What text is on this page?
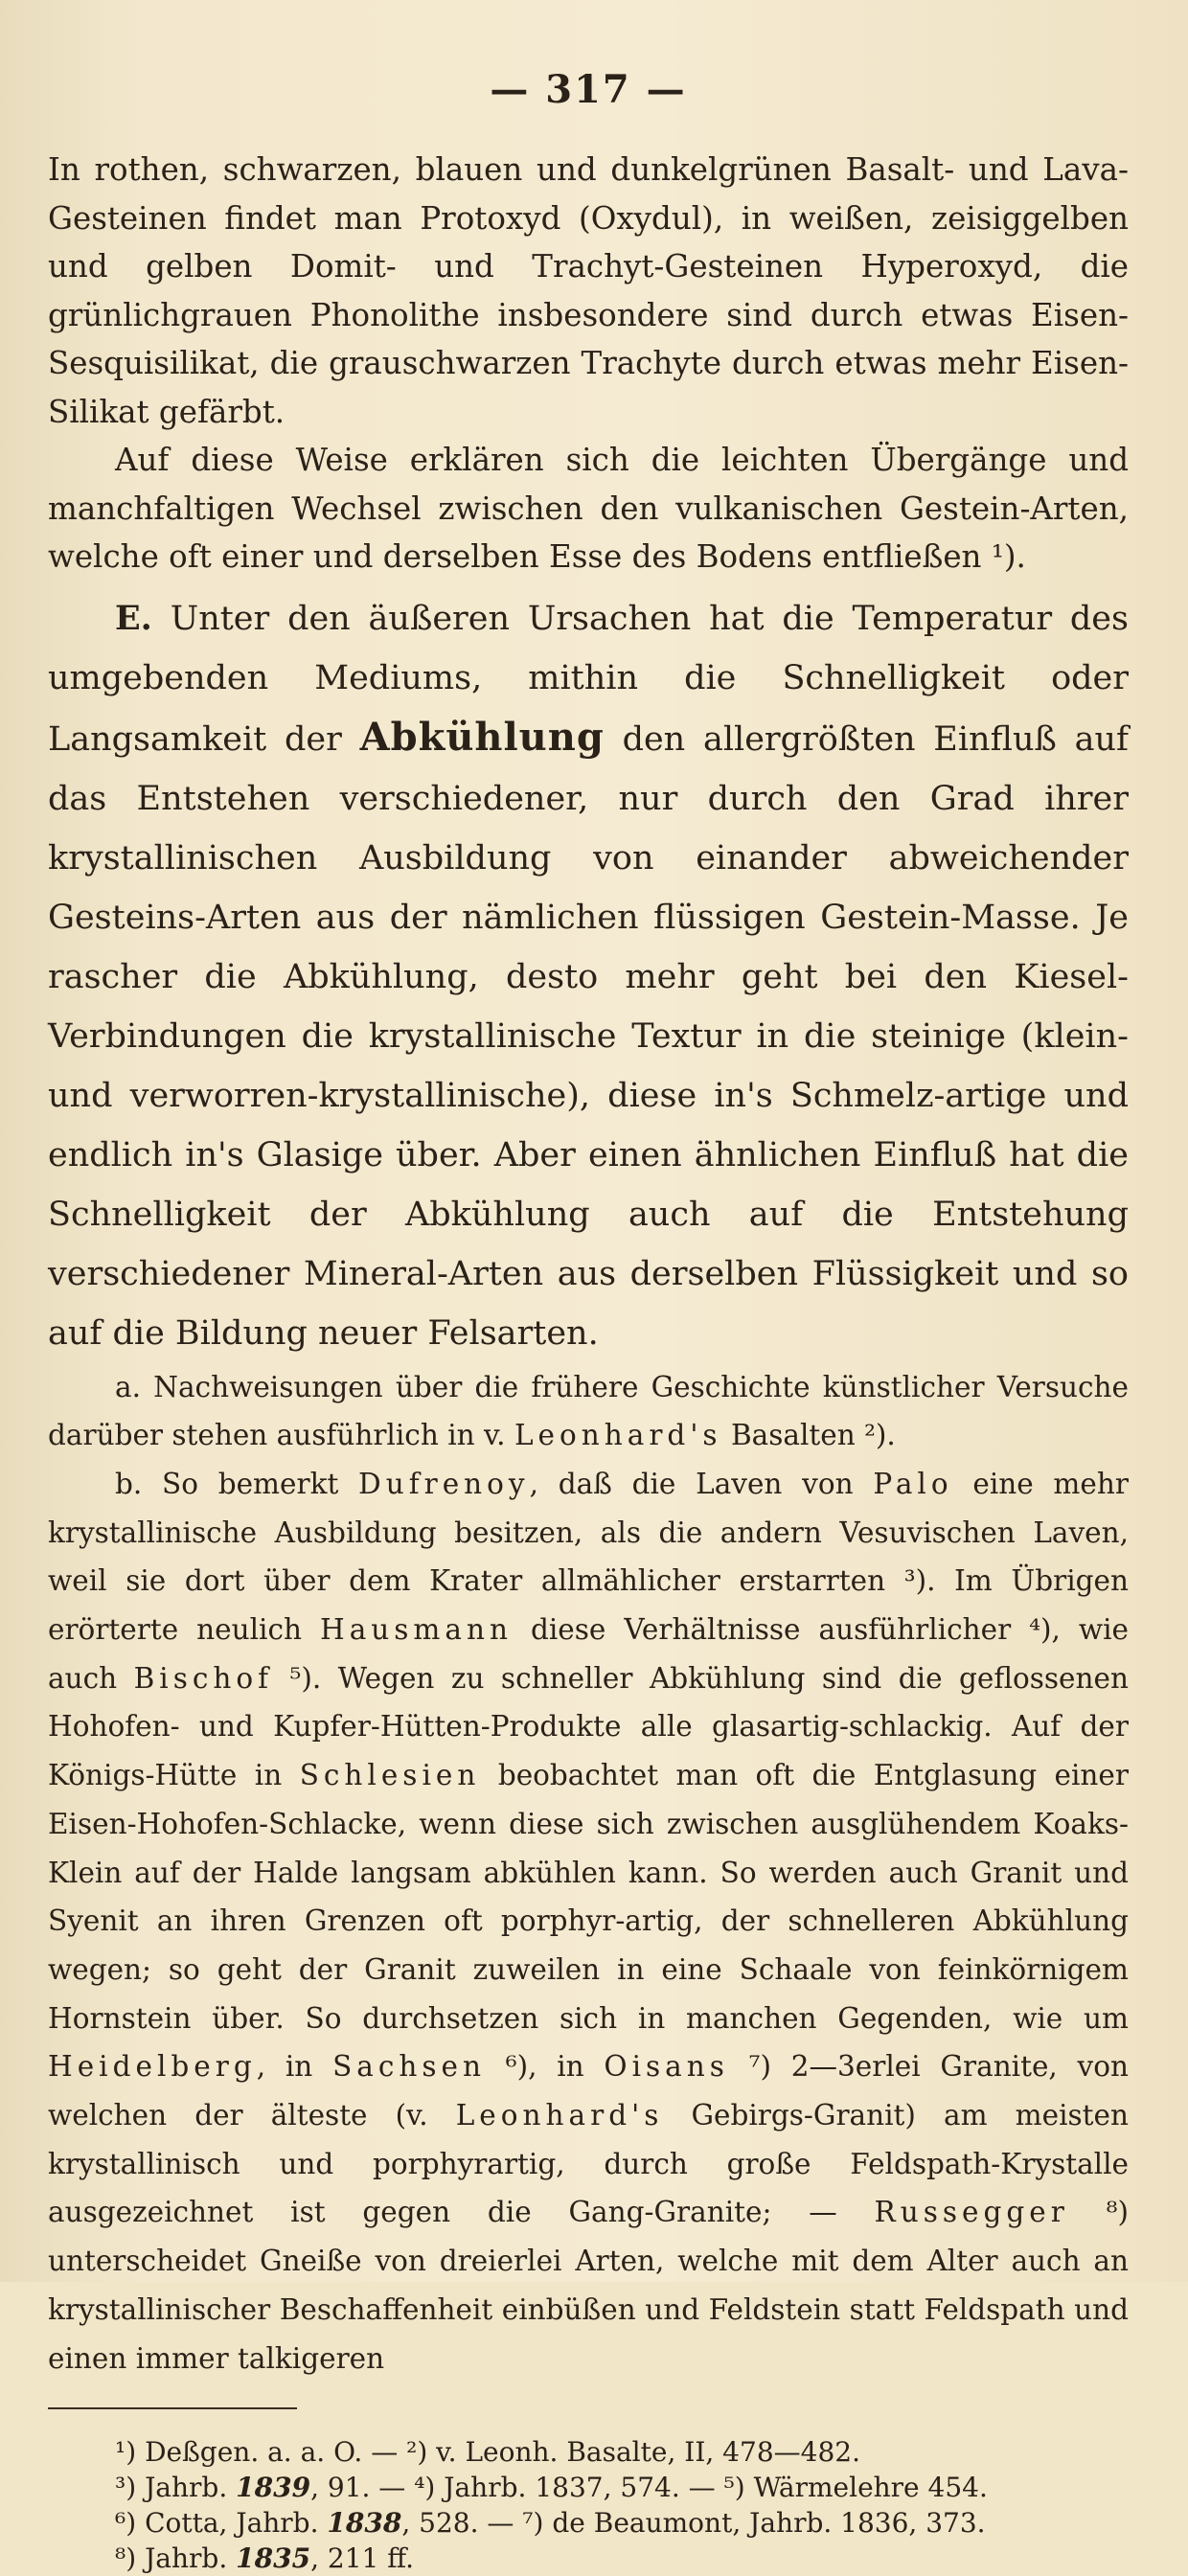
— 317 —

In rothen, schwarzen, blauen und dunkelgrünen Basalt- und Lava-Gesteinen findet man Protoxyd (Oxydul), in weißen, zeisiggelben und gelben Domit- und Trachyt-Gesteinen Hyperoxyd, die grünlichgrauen Phonolithe insbesondere sind durch etwas Eisen-Sesquisilikat, die grauschwarzen Trachyte durch etwas mehr Eisen-Silikat gefärbt.

Auf diese Weise erklären sich die leichten Übergänge und manchfaltigen Wechsel zwischen den vulkanischen Gestein-Arten, welche oft einer und derselben Esse des Bodens entfließen ¹).

E. Unter den äußeren Ursachen hat die Temperatur des umgebenden Mediums, mithin die Schnelligkeit oder Langsamkeit der Abkühlung den allergrößten Einfluß auf das Entstehen verschiedener, nur durch den Grad ihrer krystallinischen Ausbildung von einander abweichender Gesteins-Arten aus der nämlichen flüssigen Gestein-Masse. Je rascher die Abkühlung, desto mehr geht bei den Kiesel-Verbindungen die krystallinische Textur in die steinige (klein- und verworren-krystallinische), diese in's Schmelz-artige und endlich in's Glasige über. Aber einen ähnlichen Einfluß hat die Schnelligkeit der Abkühlung auch auf die Entstehung verschiedener Mineral-Arten aus derselben Flüssigkeit und so auf die Bildung neuer Felsarten.

a. Nachweisungen über die frühere Geschichte künstlicher Versuche darüber stehen ausführlich in v. Leonhard's Basalten ²).

b. So bemerkt Dufrenoy, daß die Laven von Palo eine mehr krystallinische Ausbildung besitzen, als die andern Vesuvischen Laven, weil sie dort über dem Krater allmählicher erstarrten ³). Im Übrigen erörterte neulich Hausmann diese Verhältnisse ausführlicher ⁴), wie auch Bischof ⁵). Wegen zu schneller Abkühlung sind die geflossenen Hohofen- und Kupfer-Hütten-Produkte alle glasartig-schlackig. Auf der Königs-Hütte in Schlesien beobachtet man oft die Entglasung einer Eisen-Hohofen-Schlacke, wenn diese sich zwischen ausglühendem Koaks-Klein auf der Halde langsam abkühlen kann. So werden auch Granit und Syenit an ihren Grenzen oft porphyr-artig, der schnelleren Abkühlung wegen; so geht der Granit zuweilen in eine Schaale von feinkörnigem Hornstein über. So durchsetzen sich in manchen Gegenden, wie um Heidelberg, in Sachsen ⁶), in Oisans ⁷) 2—3erlei Granite, von welchen der älteste (v. Leonhard's Gebirgs-Granit) am meisten krystallinisch und porphyrartig, durch große Feldspath-Krystalle ausgezeichnet ist gegen die Gang-Granite; — Russegger ⁸) unterscheidet Gneiße von dreierlei Arten, welche mit dem Alter auch an krystallinischer Beschaffenheit einbüßen und Feldstein statt Feldspath und einen immer talkigeren

¹) Deßgen. a. a. O. — ²) v. Leonh. Basalte, II, 478—482.

³) Jahrb. 1839, 91. — ⁴) Jahrb. 1837, 574. — ⁵) Wärmelehre 454.

⁶) Cotta, Jahrb. 1838, 528. — ⁷) de Beaumont, Jahrb. 1836, 373.

⁸) Jahrb. 1835, 211 ff.
